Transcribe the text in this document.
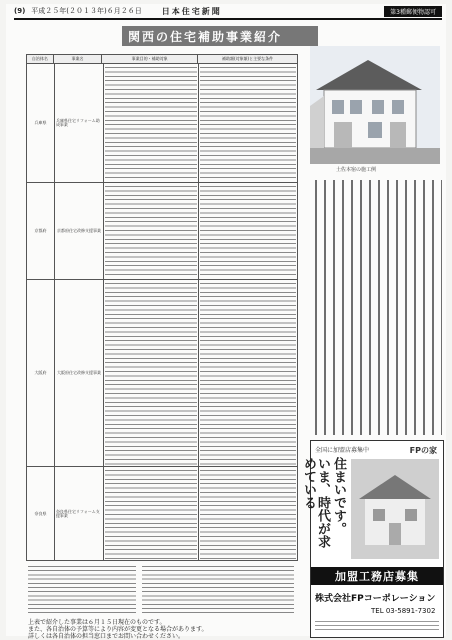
(9) 平成２５年(２０１３年)６月２６日	日本住宅新聞	第3種郵便物認可
関西の住宅補助事業紹介
自治体名	事業名	事業目的・補助対象	補助額(対象額)と主要な条件
兵庫県	兵庫県住宅リフォーム助成事業
京都府	京都府住宅改修支援事業
大阪府	大阪府住宅改修支援事業
奈良県	奈良県住宅リフォーム支援事業
上表で紹介した事業は６月１５日現在のものです。
また、各自治体の予算等により内容が変更となる場合があります。
詳しくは各自治体の担当窓口までお問い合わせください。
土佐本宿の施工例
全国に加盟店募集中	FPの家
いま、時代が求めている	住まいです。
加盟工務店募集
株式会社FPコーポレーション
TEL 03-5891-7302
